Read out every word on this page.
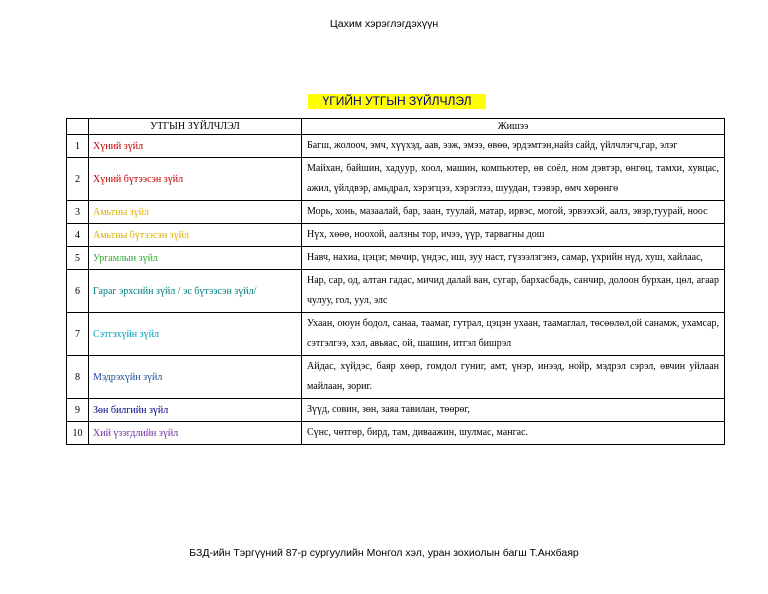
Цахим хэрэглэгдэхүүн
ҮГИЙН УТГЫН ЗҮЙЛЧЛЭЛ
	УТГЫН ЗҮЙЛЧЛЭЛ	Жишээ
1	Хүний зүйл	Багш, жолооч, эмч, хүүхэд, аав, ээж, эмээ, өвөө, эрдэмтэн,найз сайд, үйлчлэгч,гар, элэг
2	Хүний бүтээсэн зүйл	Майхан, байшин, хадуур, хоол, машин, компьютер, өв соёл, ном дэвтэр, өнгөц, тамхи, хувцас, ажил, үйлдвэр, амьдрал, хэрэгцээ, хэрэглээ, шуудан, тээвэр, өмч хөрөнгө
3	Амьтны зүйл	Морь, хонь, мазаалай, бар, заан, туулай, матар, ирвэс, могой, эрвээхэй, аалз, эвэр,туурай, ноос
4	Амьтны бүтээсэн зүйл	Нүх, хөөө, ноохой, аалзны тор, ичээ, үүр, тарвагны дош
5	Ургамлын зүйл	Навч, нахиа, цэцэг, мөчир, үндэс, иш, зуу наст, гүзээлзгэнэ, самар, үхрийн нүд, хуш, хайлаас,
6	Гараг эрхсийн зүйл / эс бүтээсэн зүйл/	Нар, сар, од, алтан гадас, мичид далай ван, сугар, бархасбадь, санчир, долоон бурхан, цөл, агаар чулуу, гол, уул, элс
7	Сэтгэхүйн зүйл	Ухаан, оюун бодол, санаа, таамаг, гутрал, цэцэн ухаан, таамаглал, төсөөлөл,ой санамж, ухамсар, сэтгэлгээ, хэл, авьяас, ой, шашин, итгэл бишрэл
8	Мэдрэхүйн зүйл	Айдас, хүйдэс, баяр хөөр, гомдол гуниг, амт, үнэр, инээд, нойр, мэдрэл сэрэл, өвчин уйлаан майлаан, зориг.
9	Зөн билгийн зүйл	Зүүд, совин, зөн, заяа тавилан, төөрөг,
10	Хий үзэгдлийн зүйл	Сүнс, чөтгөр, бирд, там, диваажин, шулмас, мангас.
БЗД-ийн Тэргүүний 87-р сургуулийн Монгол хэл, уран зохиолын багш Т.Анхбаяр
